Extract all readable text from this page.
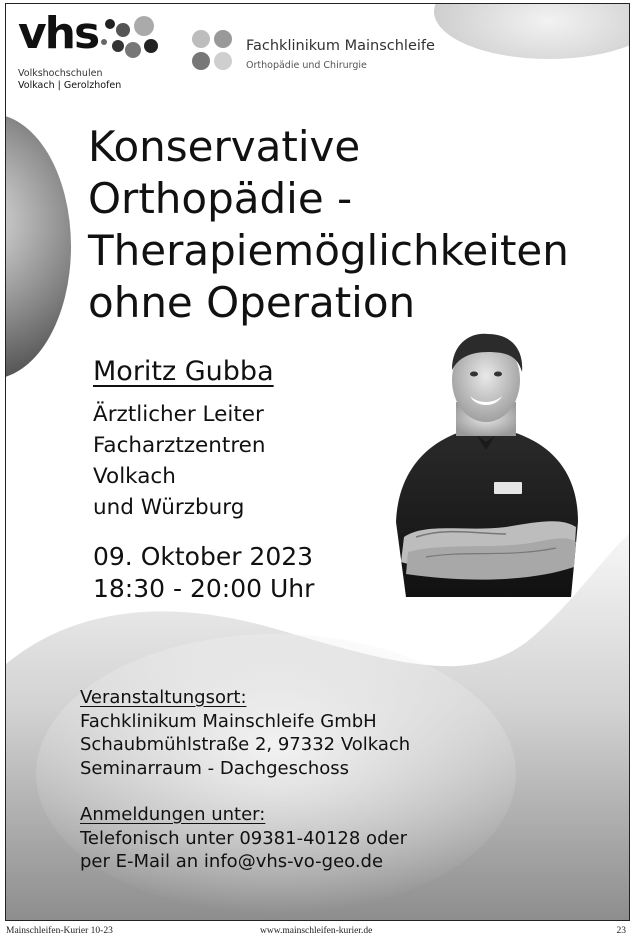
vhs
Volkshochschulen
Volkach | Gerolzhofen
Fachklinikum Mainschleife
Orthopädie und Chirurgie
Konservative
Orthopädie -
Therapiemöglichkeiten
ohne Operation
Moritz Gubba
Ärztlicher Leiter
Facharztzentren
Volkach
und Würzburg
09. Oktober 2023
18:30 - 20:00 Uhr
Veranstaltungsort:
Fachklinikum Mainschleife GmbH
Schaubmühlstraße 2, 97332 Volkach
Seminarraum - Dachgeschoss
Anmeldungen unter:
Telefonisch unter 09381-40128 oder
per E-Mail an info@vhs-vo-geo.de
Mainschleifen-Kurier 10-23	www.mainschleifen-kurier.de	23
